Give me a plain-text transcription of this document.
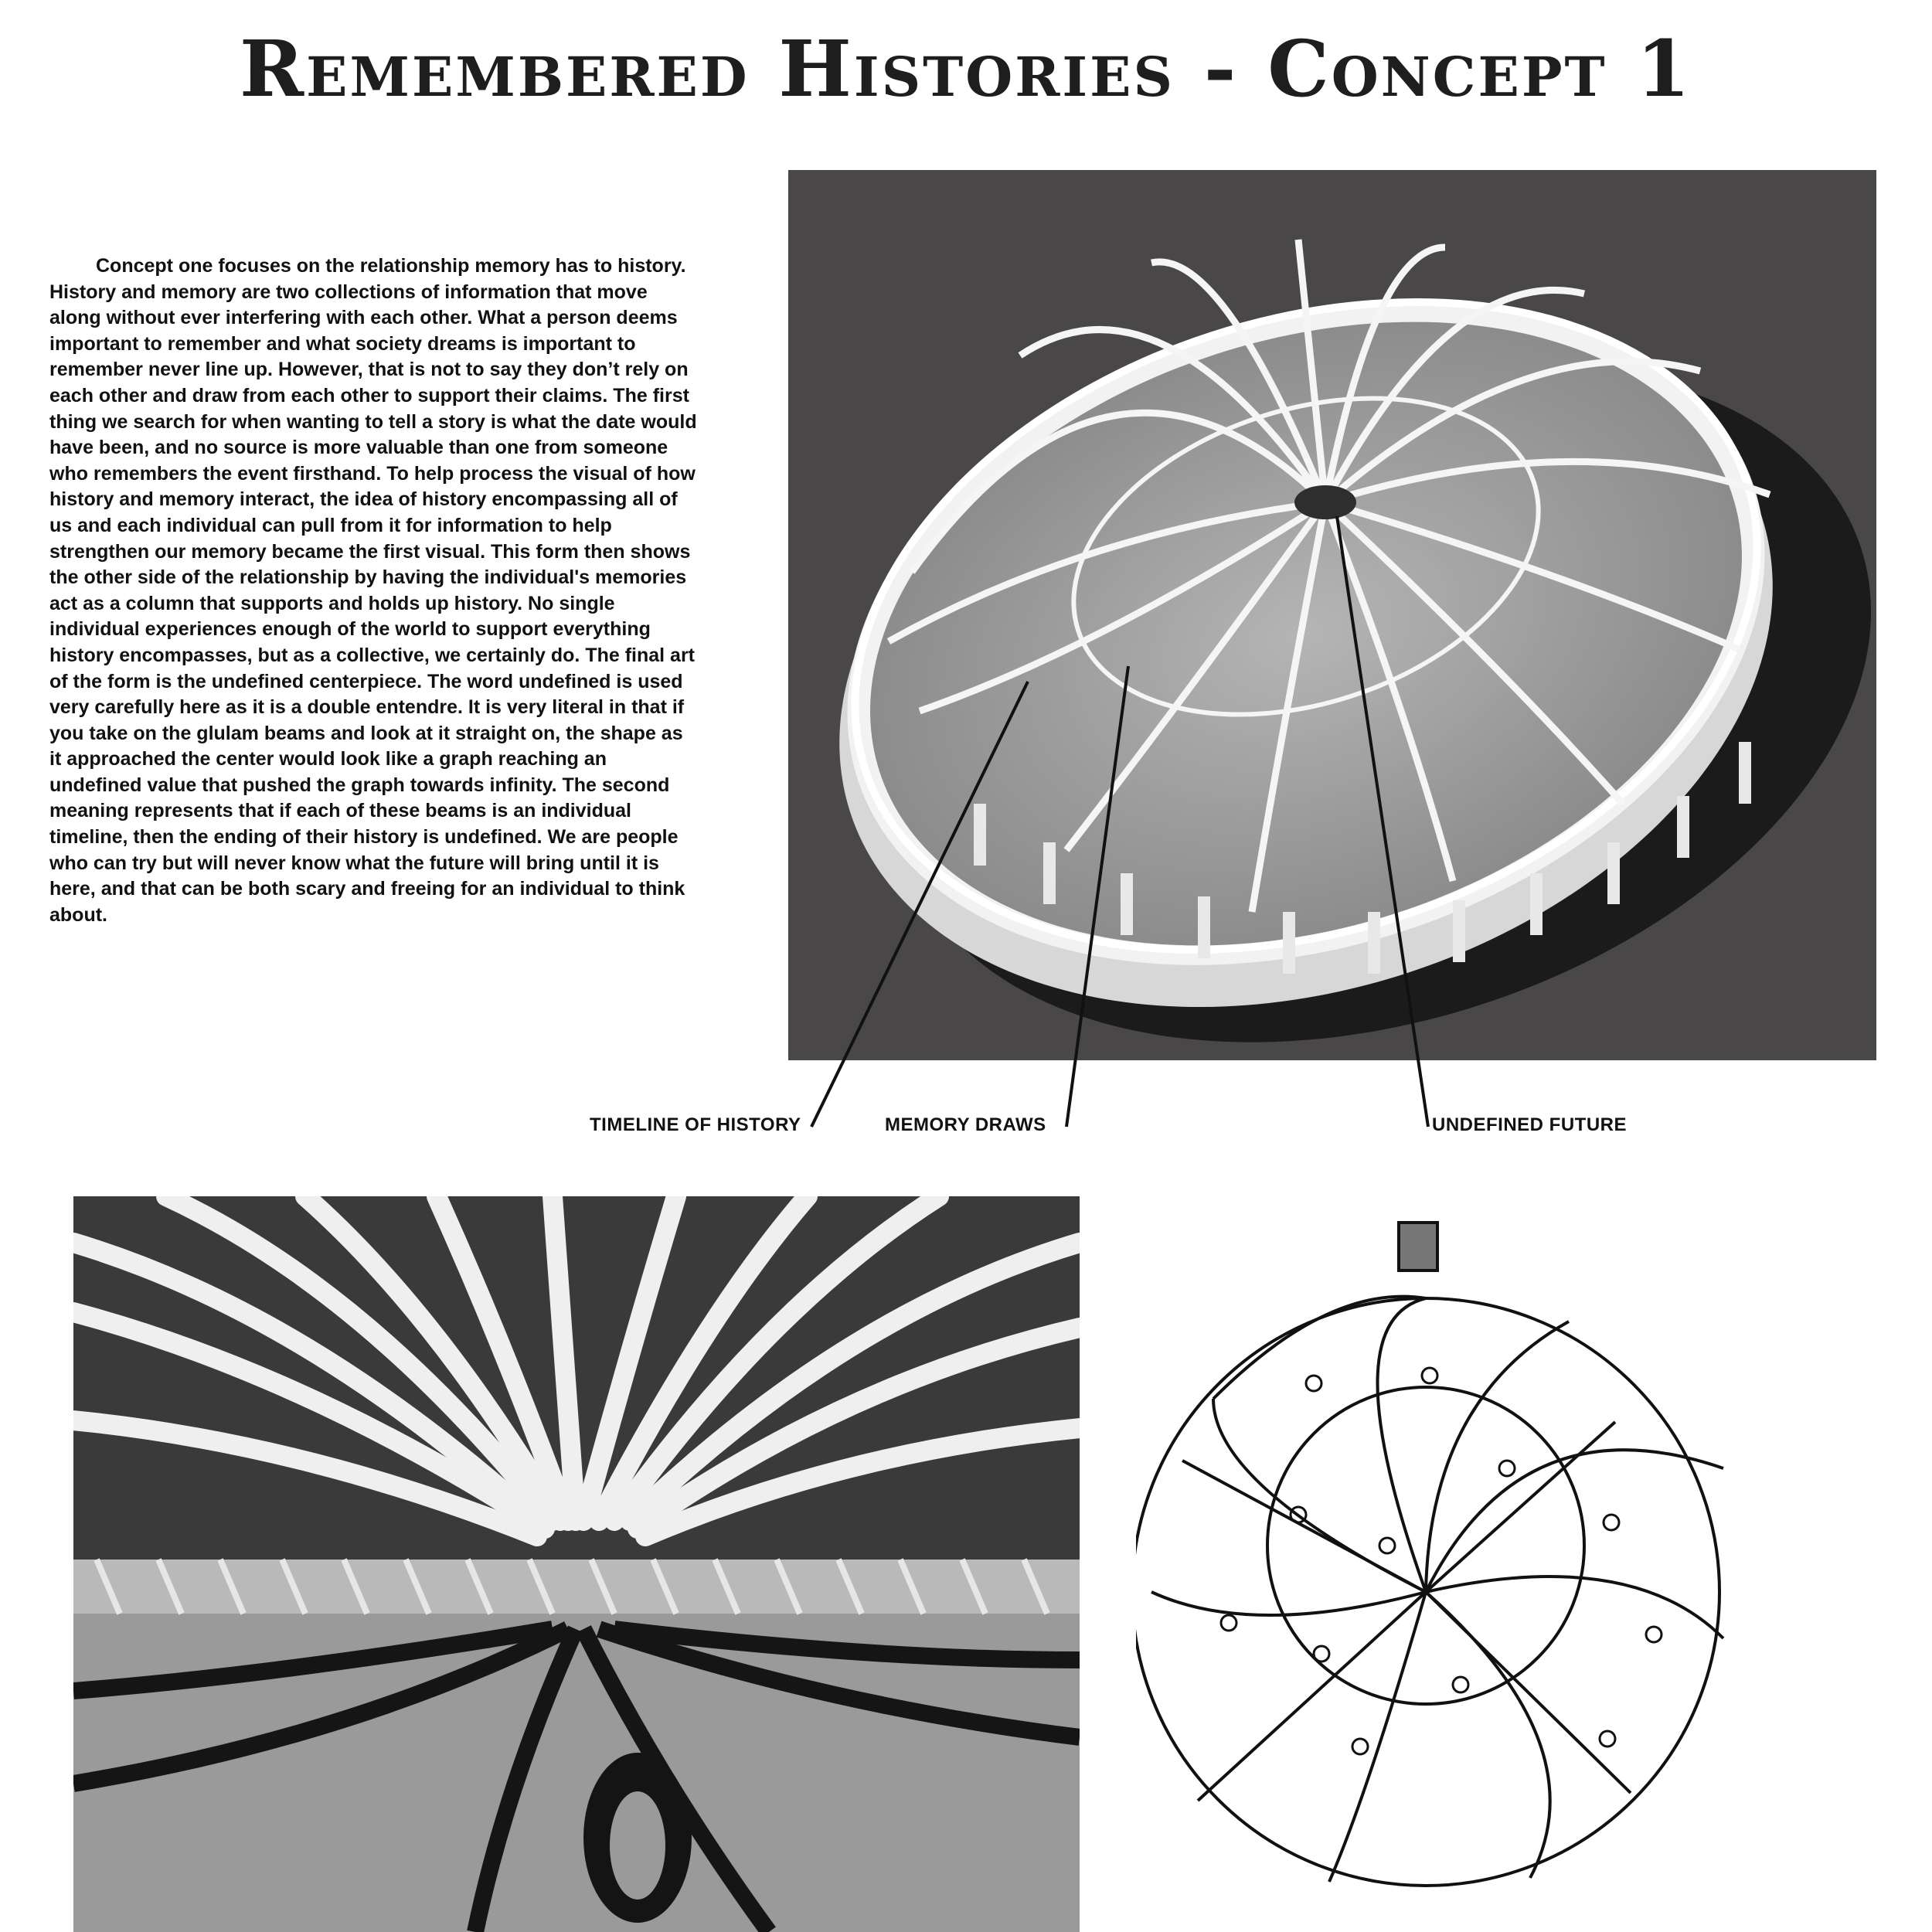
Remembered Histories - Concept 1
Concept one focuses on the relationship memory has to history. History and memory are two collections of information that move along without ever interfering with each other. What a person deems important to remember and what society dreams is important to remember never line up. However, that is not to say they don’t rely on each other and draw from each other to support their claims. The first thing we search for when wanting to tell a story is what the date would have been, and no source is more valuable than one from someone who remembers the event firsthand. To help process the visual of how history and memory interact, the idea of history encompassing all of us and each individual can pull from it for information to help strengthen our memory became the first visual. This form then shows the other side of the relationship by having the individual's memories act as a column that supports and holds up history. No single individual experiences enough of the world to support everything history encompasses, but as a collective, we certainly do. The final art of the form is the undefined centerpiece. The word undefined is used very carefully here as it is a double entendre. It is very literal in that if you take on the glulam beams and look at it straight on, the shape as it approached the center would look like a graph reaching an undefined value that pushed the graph towards infinity. The second meaning represents that if each of these beams is an individual timeline, then the ending of their history is undefined. We are people who can try but will never know what the future will bring until it is here, and that can be both scary and freeing for an individual to think about.
TIMELINE OF HISTORY	MEMORY DRAWS	UNDEFINED FUTURE
